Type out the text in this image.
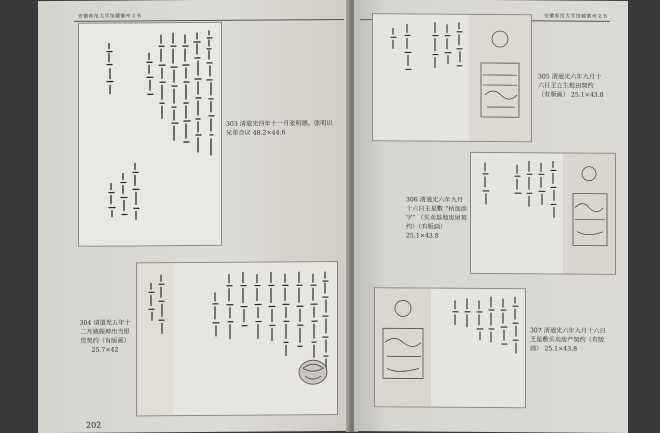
安徽师范大学馆藏徽州文书
303 清道光四年十一月张明德、张明识兄弟合议 48.2×44.6
304 清道光五年十二月姚振坤出当银货契约（有版画） 25.7×42
202
安徽师范大学馆藏徽州文书
305 清道光六年九月十六日王立生租田契约（有版画） 25.1×43.8
306 清道光六年九月十六日王星敷 “枯加添字” （买卖基地房屋契约）（有版画） 25.1×43.8
307 清道光六年九月十六日王星敷买卖房产契约（有版画） 25.1×43.8
